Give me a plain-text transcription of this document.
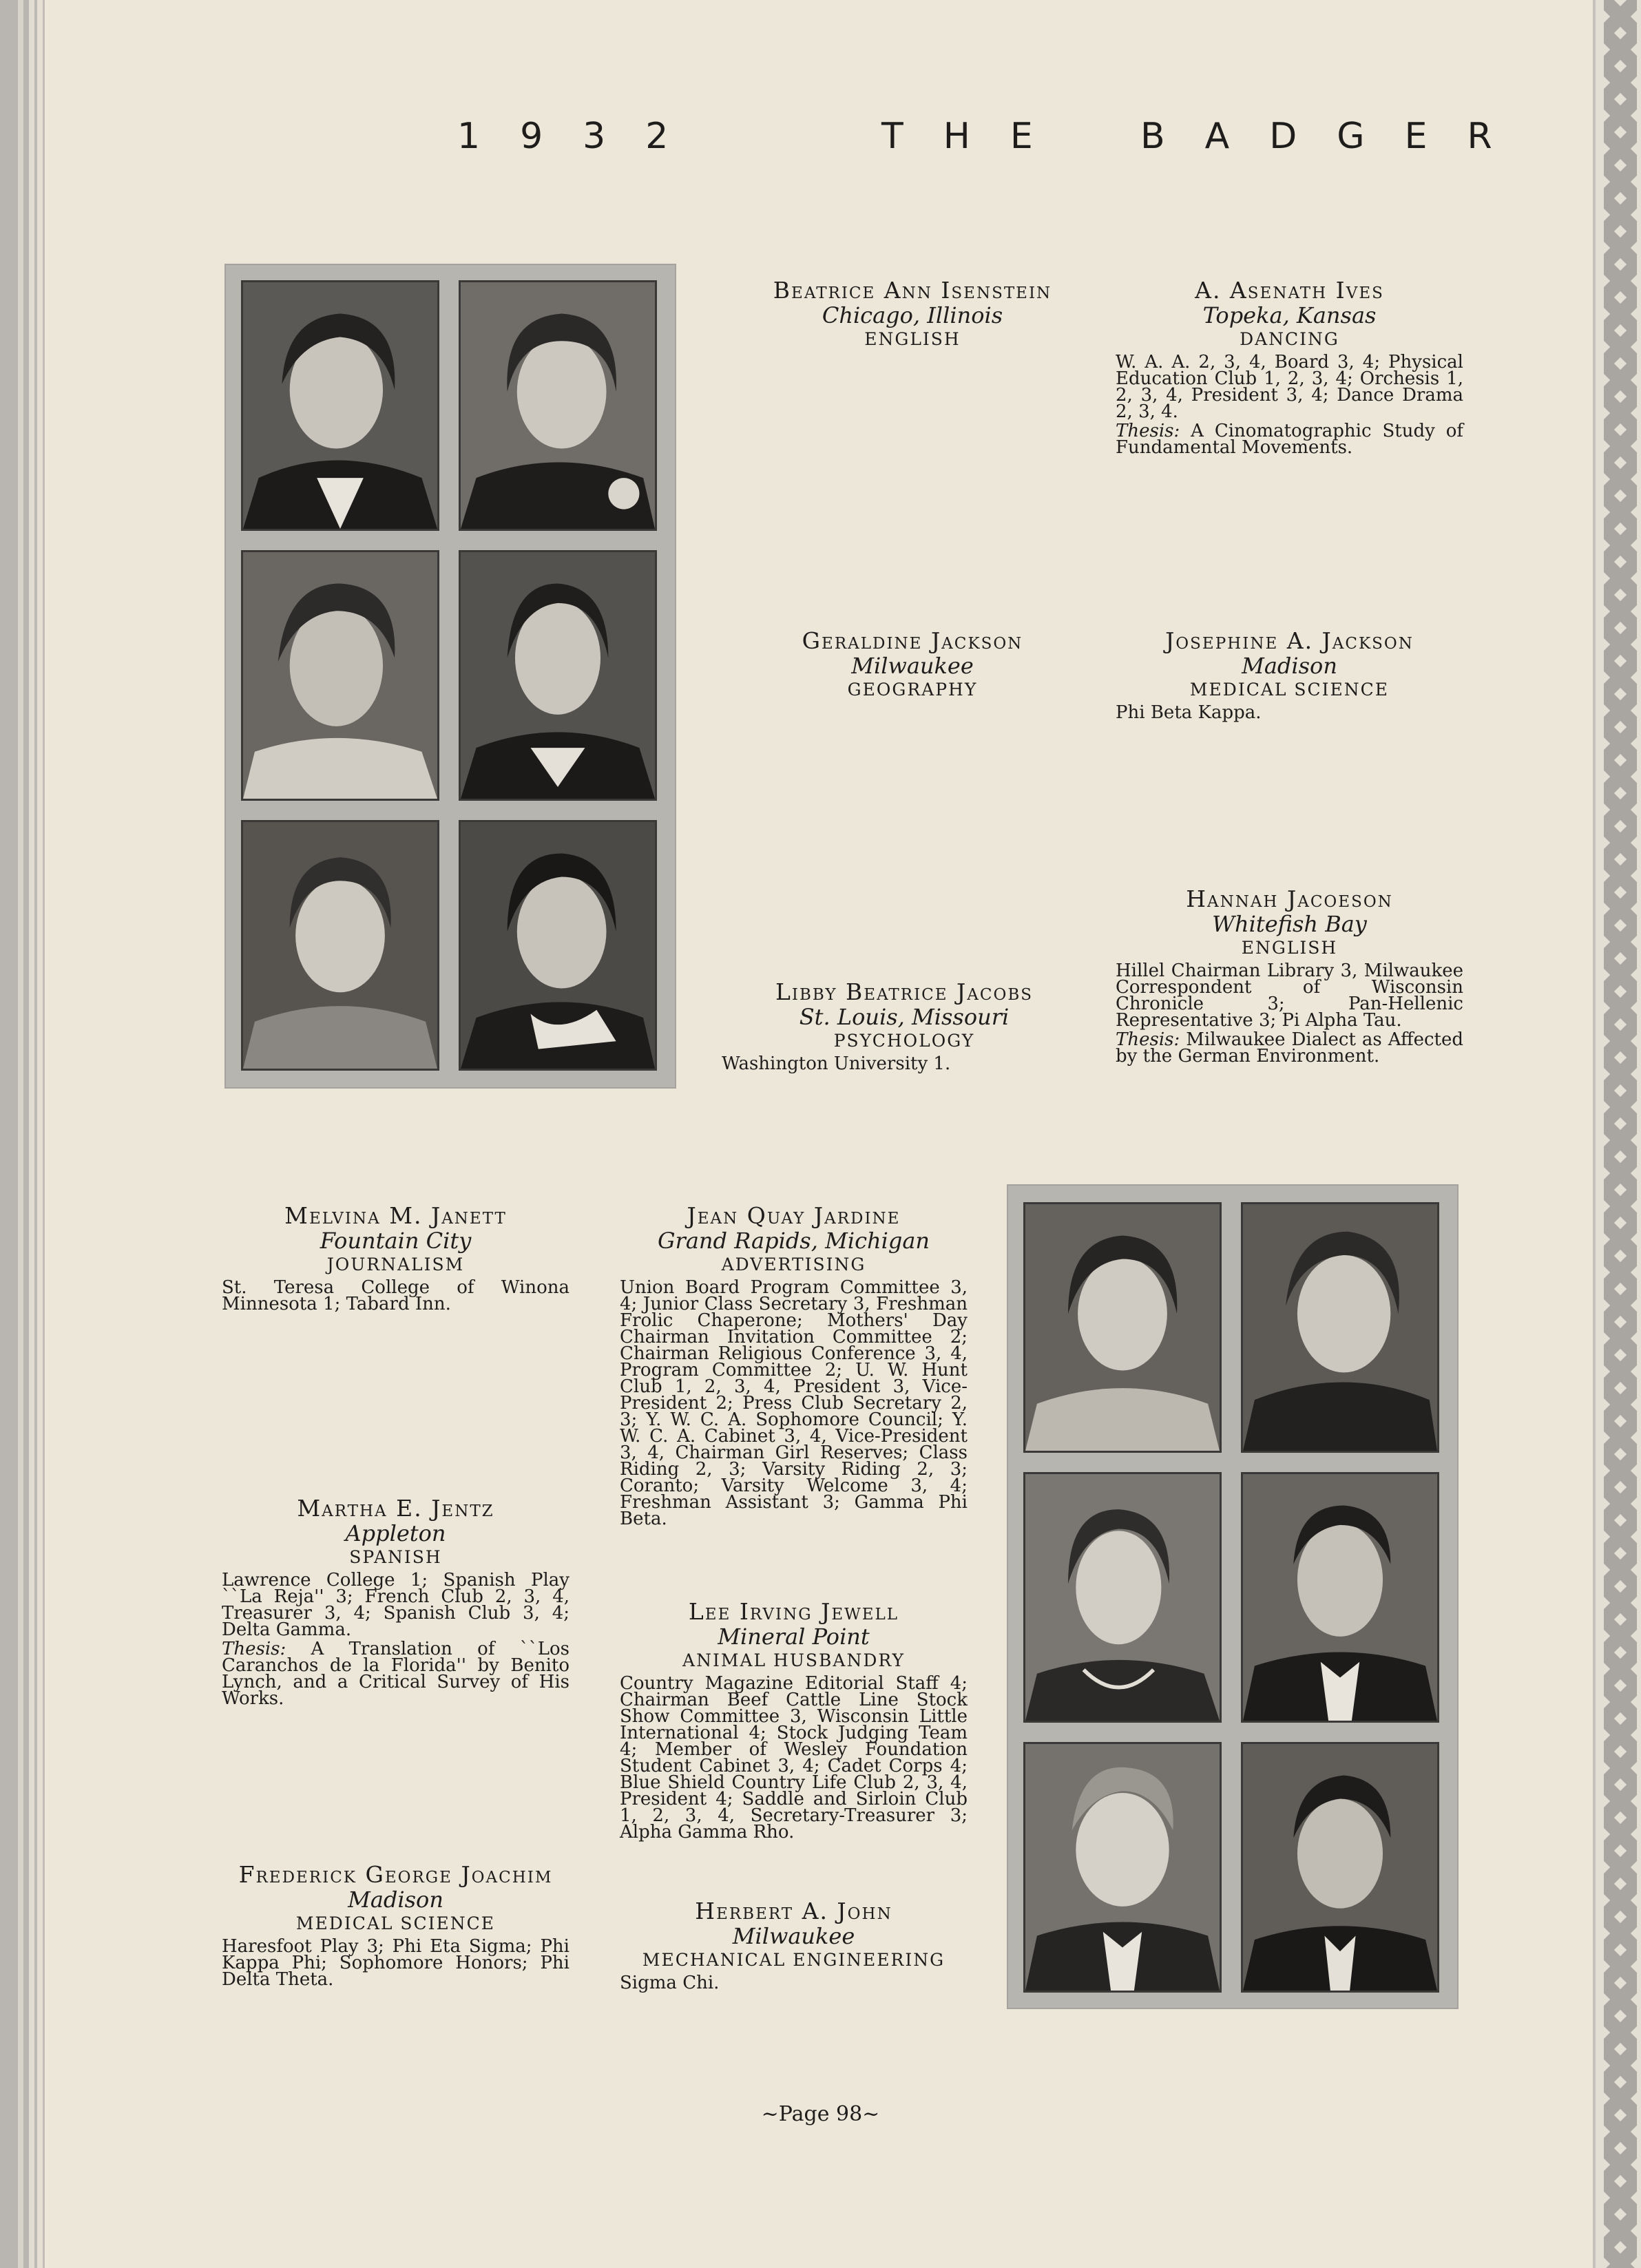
1932	THE BADGER
Beatrice Ann Isenstein
Chicago, Illinois
ENGLISH
A. Asenath Ives
Topeka, Kansas
DANCING
W. A. A. 2, 3, 4, Board 3, 4; Physical Education Club 1, 2, 3, 4; Orchesis 1, 2, 3, 4, President 3, 4; Dance Drama 2, 3, 4.
Thesis: A Cinomatographic Study of Fundamental Movements.
Geraldine Jackson
Milwaukee
GEOGRAPHY
Josephine A. Jackson
Madison
MEDICAL SCIENCE
Phi Beta Kappa.
Hannah Jacoeson
Whitefish Bay
ENGLISH
Hillel Chairman Library 3, Milwaukee Correspondent of Wisconsin Chronicle 3; Pan-Hellenic Representative 3; Pi Alpha Tau.
Thesis: Milwaukee Dialect as Affected by the German Environment.
Libby Beatrice Jacobs
St. Louis, Missouri
PSYCHOLOGY
Washington University 1.
Melvina M. Janett
Fountain City
JOURNALISM
St. Teresa College of Winona Minnesota 1; Tabard Inn.
Jean Quay Jardine
Grand Rapids, Michigan
ADVERTISING
Union Board Program Committee 3, 4; Junior Class Secretary 3, Freshman Frolic Chaperone; Mothers' Day Chairman Invitation Committee 2; Chairman Religious Conference 3, 4, Program Committee 2; U. W. Hunt Club 1, 2, 3, 4, President 3, Vice-President 2; Press Club Secretary 2, 3; Y. W. C. A. Sophomore Council; Y. W. C. A. Cabinet 3, 4, Vice-President 3, 4, Chairman Girl Reserves; Class Riding 2, 3; Varsity Riding 2, 3; Coranto; Varsity Welcome 3, 4; Freshman Assistant 3; Gamma Phi Beta.
Martha E. Jentz
Appleton
SPANISH
Lawrence College 1; Spanish Play ``La Reja'' 3; French Club 2, 3, 4, Treasurer 3, 4; Spanish Club 3, 4; Delta Gamma.
Thesis: A Translation of ``Los Caranchos de la Florida'' by Benito Lynch, and a Critical Survey of His Works.
Lee Irving Jewell
Mineral Point
ANIMAL HUSBANDRY
Country Magazine Editorial Staff 4; Chairman Beef Cattle Line Stock Show Committee 3, Wisconsin Little International 4; Stock Judging Team 4; Member of Wesley Foundation Student Cabinet 3, 4; Cadet Corps 4; Blue Shield Country Life Club 2, 3, 4, President 4; Saddle and Sirloin Club 1, 2, 3, 4, Secretary-Treasurer 3; Alpha Gamma Rho.
Frederick George Joachim
Madison
MEDICAL SCIENCE
Haresfoot Play 3; Phi Eta Sigma; Phi Kappa Phi; Sophomore Honors; Phi Delta Theta.
Herbert A. John
Milwaukee
MECHANICAL ENGINEERING
Sigma Chi.
~Page 98~
